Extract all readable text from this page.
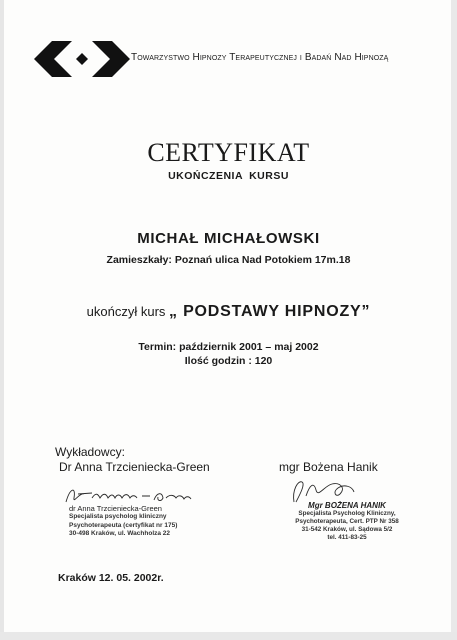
Towarzystwo Hipnozy Terapeutycznej i Badań Nad Hipnozą
CERTYFIKAT
UKOŃCZENIA KURSU
MICHAŁ MICHAŁOWSKI
Zamieszkały: Poznań ulica Nad Potokiem 17m.18
ukończył kurs „ PODSTAWY HIPNOZY”
Termin: październik 2001 – maj 2002
Ilość godzin : 120
Wykładowcy:
Dr Anna Trzcieniecka-Green	mgr Bożena Hanik
dr Anna Trzcieniecka-Green
Specjalista psycholog kliniczny
Psychoterapeuta (certyfikat nr 175)
30-498 Kraków, ul. Wachholza 22
Mgr BOŻENA HANIK
Specjalista Psycholog Kliniczny,
Psychoterapeuta, Cert. PTP Nr 358
31-542 Kraków, ul. Sądowa 5/2
tel. 411-83-25
Kraków 12. 05. 2002r.
